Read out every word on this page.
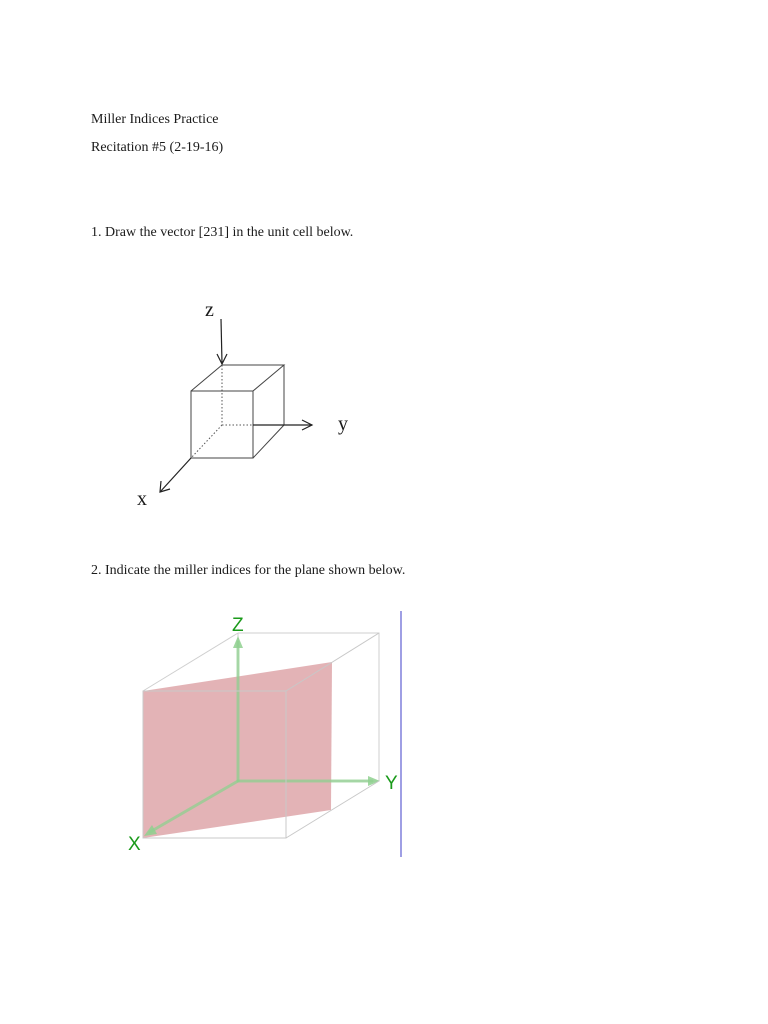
Miller Indices Practice
Recitation #5 (2-19-16)
1. Draw the vector [231] in the unit cell below.
z
y
x
2. Indicate the miller indices for the plane shown below.
Z
Y
X
